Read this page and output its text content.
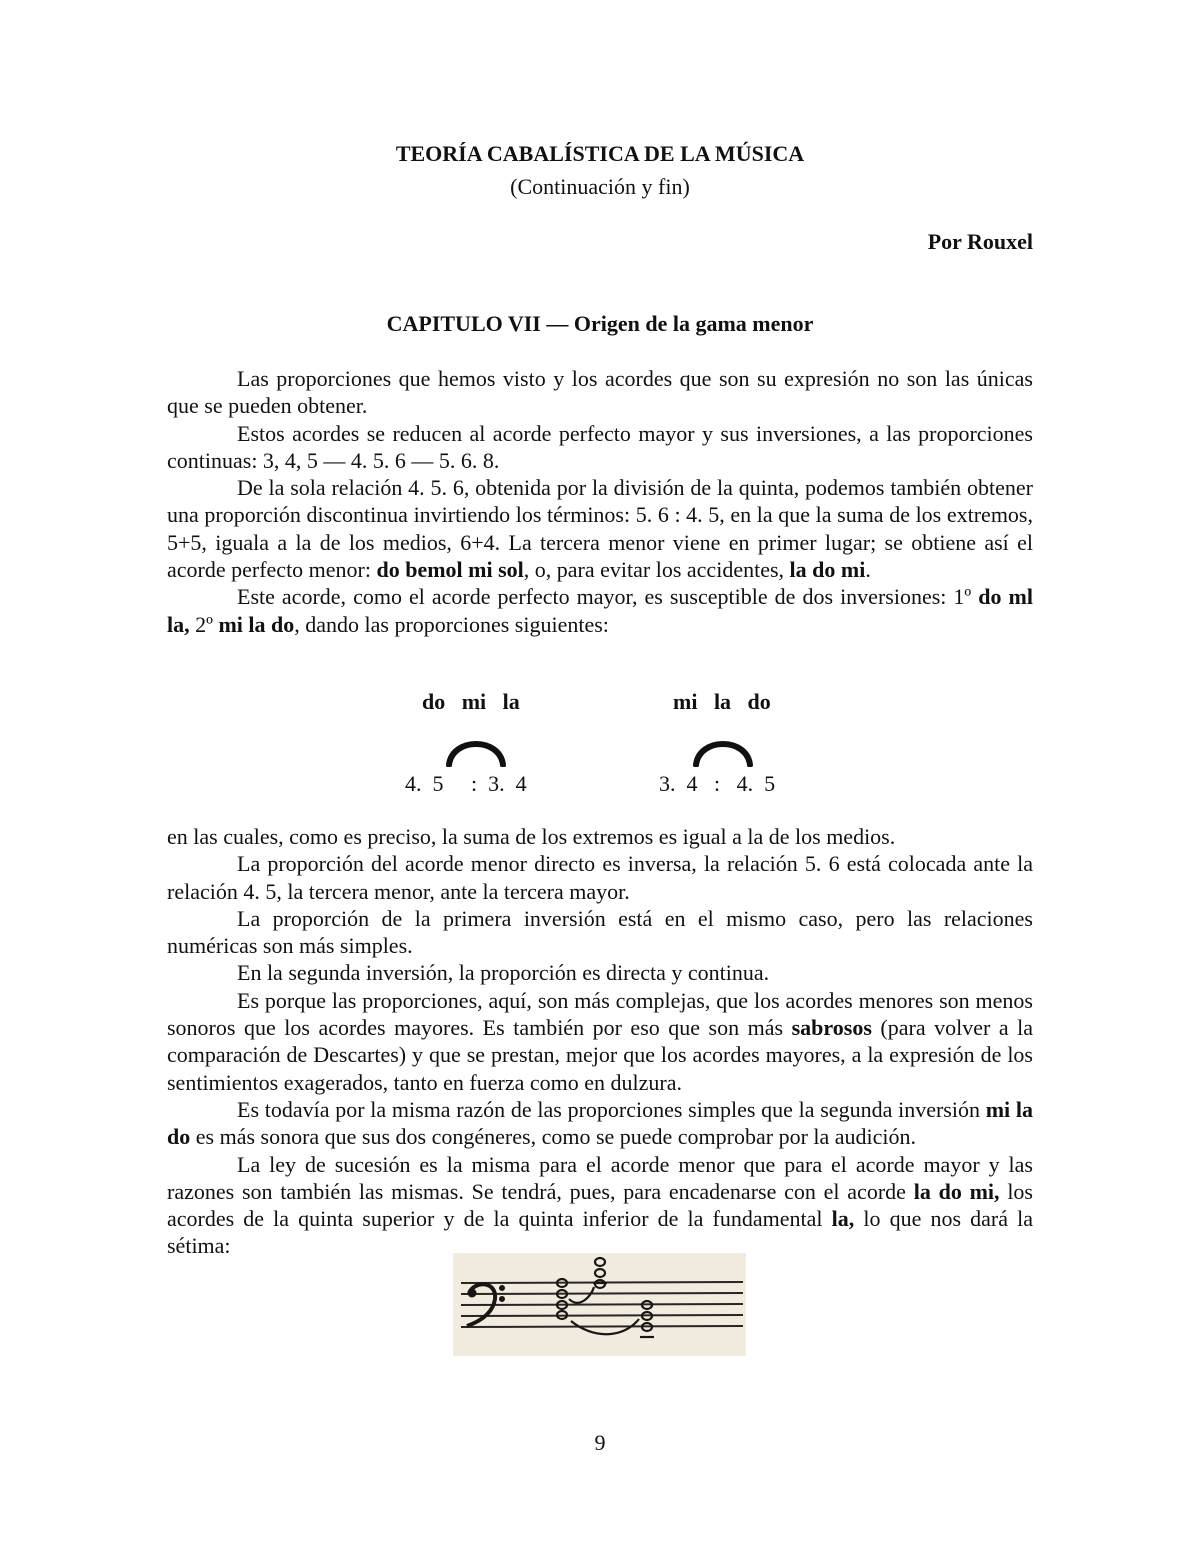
TEORÍA CABALÍSTICA DE LA MÚSICA
(Continuación y fin)
Por Rouxel
CAPITULO VII — Origen de la gama menor

Las proporciones que hemos visto y los acordes que son su expresión no son las únicas que se pueden obtener.

Estos acordes se reducen al acorde perfecto mayor y sus inversiones, a las proporciones continuas: 3, 4, 5 — 4. 5. 6 — 5. 6. 8.

De la sola relación 4. 5. 6, obtenida por la división de la quinta, podemos también obtener una proporción discontinua invirtiendo los términos: 5. 6 : 4. 5, en la que la suma de los extremos, 5+5, iguala a la de los medios, 6+4. La tercera menor viene en primer lugar; se obtiene así el acorde perfecto menor: do bemol mi sol, o, para evitar los accidentes, la do mi.

Este acorde, como el acorde perfecto mayor, es susceptible de dos inversiones: 1º do ml la, 2º mi la do, dando las proporciones siguientes:

do   mi   la
4.  5     :  3.  4
mi   la   do
3.  4   :   4.  5

en las cuales, como es preciso, la suma de los extremos es igual a la de los medios.

La proporción del acorde menor directo es inversa, la relación 5. 6 está colocada ante la relación 4. 5, la tercera menor, ante la tercera mayor.

La proporción de la primera inversión está en el mismo caso, pero las relaciones numéricas son más simples.

En la segunda inversión, la proporción es directa y continua.

Es porque las proporciones, aquí, son más complejas, que los acordes menores son menos sonoros que los acordes mayores. Es también por eso que son más sabrosos (para volver a la comparación de Descartes) y que se prestan, mejor que los acordes mayores, a la expresión de los sentimientos exagerados, tanto en fuerza como en dulzura.

Es todavía por la misma razón de las proporciones simples que la segunda inversión mi la do es más sonora que sus dos congéneres, como se puede comprobar por la audición.

La ley de sucesión es la misma para el acorde menor que para el acorde mayor y las razones son también las mismas. Se tendrá, pues, para encadenarse con el acorde la do mi, los acordes de la quinta superior y de la quinta inferior de la fundamental la, lo que nos dará la sétima:

9
